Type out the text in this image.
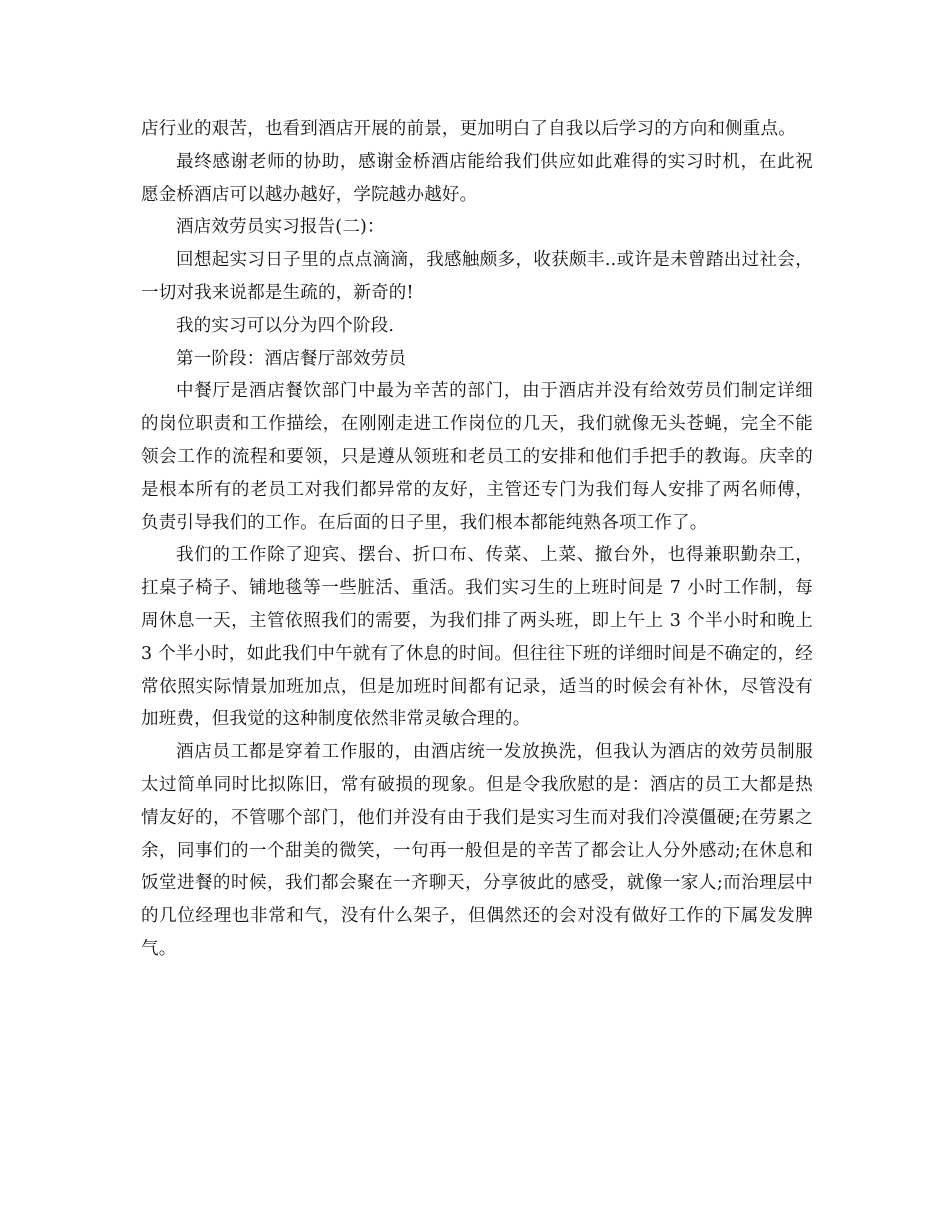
店行业的艰苦，也看到酒店开展的前景，更加明白了自我以后学习的方向和侧重点。

最终感谢老师的协助，感谢金桥酒店能给我们供应如此难得的实习时机，在此祝愿金桥酒店可以越办越好，学院越办越好。

酒店效劳员实习报告(二)：

回想起实习日子里的点点滴滴，我感触颇多，收获颇丰..或许是未曾踏出过社会，一切对我来说都是生疏的，新奇的!

我的实习可以分为四个阶段.

第一阶段：酒店餐厅部效劳员

中餐厅是酒店餐饮部门中最为辛苦的部门，由于酒店并没有给效劳员们制定详细的岗位职责和工作描绘，在刚刚走进工作岗位的几天，我们就像无头苍蝇，完全不能领会工作的流程和要领，只是遵从领班和老员工的安排和他们手把手的教诲。庆幸的是根本所有的老员工对我们都异常的友好，主管还专门为我们每人安排了两名师傅，负责引导我们的工作。在后面的日子里，我们根本都能纯熟各项工作了。

我们的工作除了迎宾、摆台、折口布、传菜、上菜、撤台外，也得兼职勤杂工，扛桌子椅子、铺地毯等一些脏活、重活。我们实习生的上班时间是 7 小时工作制，每周休息一天，主管依照我们的需要，为我们排了两头班，即上午上 3 个半小时和晚上 3 个半小时，如此我们中午就有了休息的时间。但往往下班的详细时间是不确定的，经常依照实际情景加班加点，但是加班时间都有记录，适当的时候会有补休，尽管没有加班费，但我觉的这种制度依然非常灵敏合理的。

酒店员工都是穿着工作服的，由酒店统一发放换洗，但我认为酒店的效劳员制服太过简单同时比拟陈旧，常有破损的现象。但是令我欣慰的是：酒店的员工大都是热情友好的，不管哪个部门，他们并没有由于我们是实习生而对我们冷漠僵硬;在劳累之余，同事们的一个甜美的微笑，一句再一般但是的辛苦了都会让人分外感动;在休息和饭堂进餐的时候，我们都会聚在一齐聊天，分享彼此的感受，就像一家人;而治理层中的几位经理也非常和气，没有什么架子，但偶然还的会对没有做好工作的下属发发脾气。
